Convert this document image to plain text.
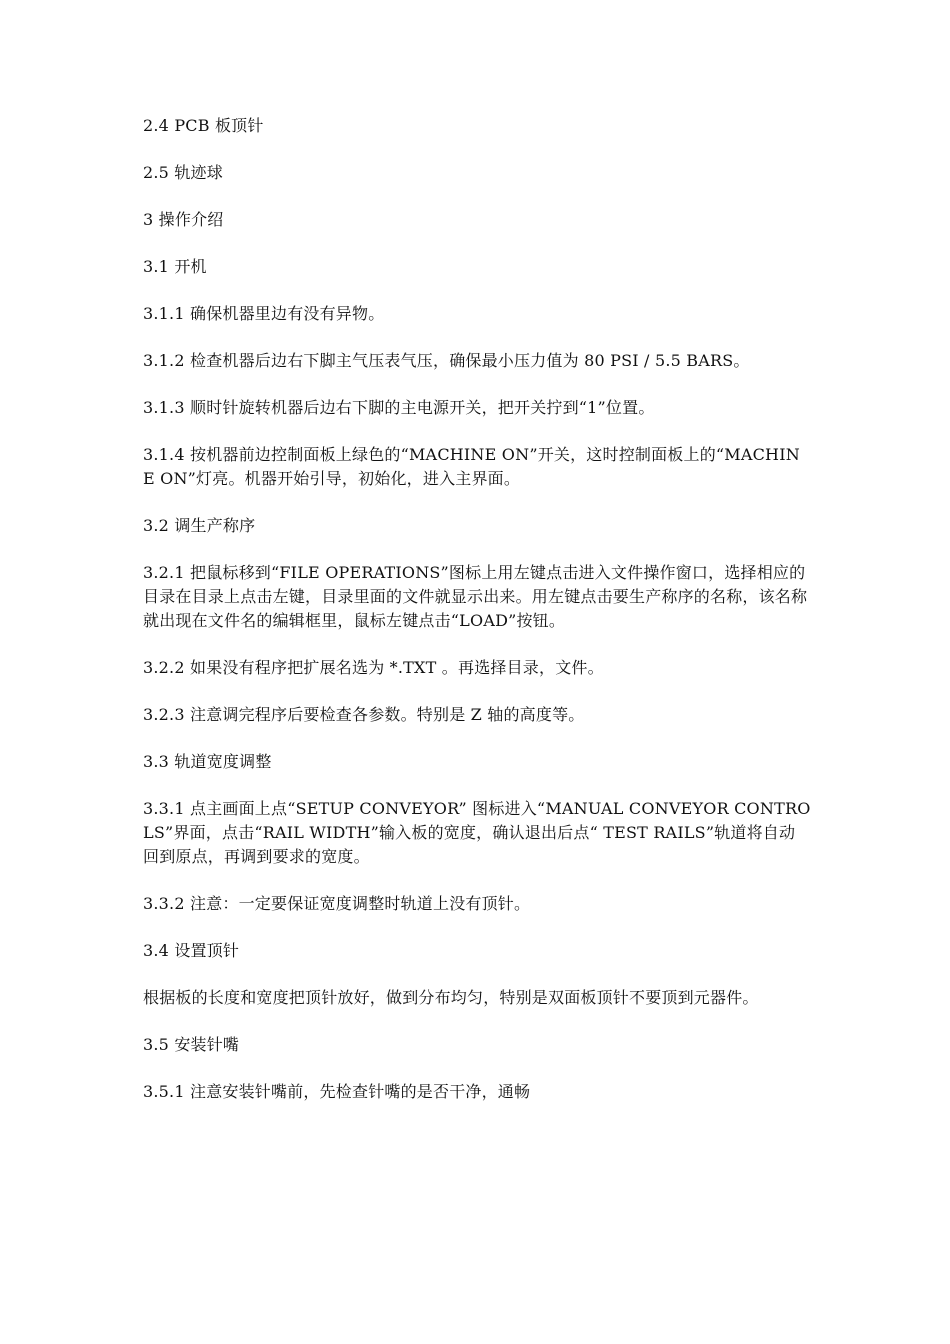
2.4 PCB 板顶针

2.5 轨迹球

3 操作介绍

3.1 开机

3.1.1 确保机器里边有没有异物。

3.1.2 检查机器后边右下脚主气压表气压，确保最小压力值为 80 PSI / 5.5 BARS。

3.1.3 顺时针旋转机器后边右下脚的主电源开关，把开关拧到“1”位置。

3.1.4 按机器前边控制面板上绿色的“MACHINE ON”开关，这时控制面板上的“MACHINE ON”灯亮。机器开始引导，初始化，进入主界面。

3.2 调生产称序

3.2.1 把鼠标移到“FILE OPERATIONS”图标上用左键点击进入文件操作窗口，选择相应的目录在目录上点击左键，目录里面的文件就显示出来。用左键点击要生产称序的名称，该名称就出现在文件名的编辑框里，鼠标左键点击“LOAD”按钮。

3.2.2 如果没有程序把扩展名选为 *.TXT 。再选择目录，文件。

3.2.3 注意调完程序后要检查各参数。特别是 Z 轴的高度等。

3.3 轨道宽度调整

3.3.1 点主画面上点“SETUP CONVEYOR” 图标进入“MANUAL CONVEYOR CONTROLS”界面，点击“RAIL WIDTH”输入板的宽度，确认退出后点“ TEST RAILS”轨道将自动回到原点，再调到要求的宽度。

3.3.2 注意：一定要保证宽度调整时轨道上没有顶针。

3.4 设置顶针

根据板的长度和宽度把顶针放好，做到分布均匀，特别是双面板顶针不要顶到元器件。

3.5 安装针嘴

3.5.1 注意安装针嘴前，先检查针嘴的是否干净，通畅
